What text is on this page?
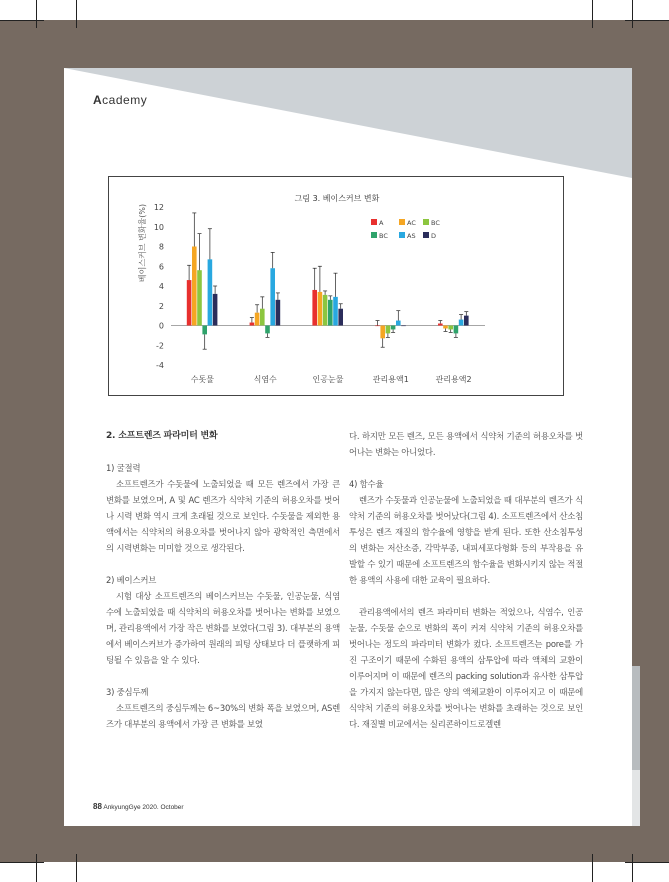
Academy
그림 3. 베이스커브 변화
베이스커브 변화율(%) 12
10
8
6
4
2
0
-2
-4
수돗물	식염수	인공눈물	관리용액1	관리용액2
A	AC BC
BC	AS D
2. 소프트렌즈 파라미터 변화
1) 굴절력

소프트렌즈가 수돗물에 노출되었을 때 모든 렌즈에서 가장 큰 변화를 보였으며, A 및 AC 렌즈가 식약처 기준의 허용오차를 벗어나 시력 변화 역시 크게 초래될 것으로 보인다. 수돗물을 제외한 용액에서는 식약처의 허용오차를 벗어나지 않아 광학적인 측면에서의 시력변화는 미미할 것으로 생각된다.

2) 베이스커브

시험 대상 소프트렌즈의 베이스커브는 수돗물, 인공눈물, 식염수에 노출되었을 때 식약처의 허용오차를 벗어나는 변화를 보였으며, 관리용액에서 가장 작은 변화를 보였다(그림 3). 대부분의 용액에서 베이스커브가 증가하여 원래의 피팅 상태보다 더 플랫하게 피팅될 수 있음을 알 수 있다.

3) 중심두께

소프트렌즈의 중심두께는 6~30%의 변화 폭을 보였으며, AS렌즈가 대부분의 용액에서 가장 큰 변화를 보였

다. 하지만 모든 렌즈, 모든 용액에서 식약처 기준의 허용오차를 벗어나는 변화는 아니었다.

4) 함수율

렌즈가 수돗물과 인공눈물에 노출되었을 때 대부분의 렌즈가 식약처 기준의 허용오차를 벗어났다(그림 4). 소프트렌즈에서 산소침투성은 렌즈 재질의 함수율에 영향을 받게 된다. 또한 산소침투성의 변화는 저산소증, 각막부종, 내피세포다형화 등의 부작용을 유발할 수 있기 때문에 소프트렌즈의 함수율을 변화시키지 않는 적절한 용액의 사용에 대한 교육이 필요하다.

관리용액에서의 렌즈 파라미터 변화는 적었으나, 식염수, 인공눈물, 수돗물 순으로 변화의 폭이 커져 식약처 기준의 허용오차를 벗어나는 정도의 파라미터 변화가 컸다. 소프트렌즈는 pore를 가진 구조이기 때문에 수화된 용액의 삼투압에 따라 액체의 교환이 이루어지며 이 때문에 렌즈의 packing solution과 유사한 삼투압을 가지지 않는다면, 많은 양의 액체교환이 이루어지고 이 때문에 식약처 기준의 허용오차를 벗어나는 변화를 초래하는 것으로 보인다. 재질별 비교에서는 실리콘하이드로겔렌

88 AnkyungGye 2020. October
